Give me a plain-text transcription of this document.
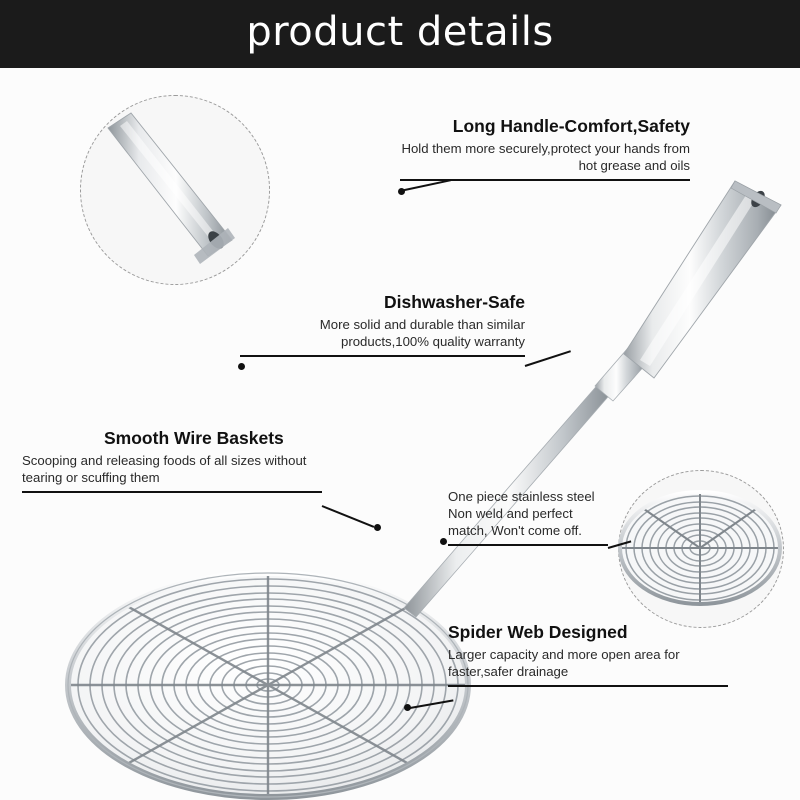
product details
Long Handle-Comfort,Safety
Hold them more securely,protect your hands from hot grease and oils
Dishwasher-Safe
More solid and durable than similar products,100% quality warranty
Smooth Wire Baskets
Scooping and releasing foods of all sizes without tearing or scuffing them
One piece stainless steel Non weld and perfect match, Won't come off.
Spider Web Designed
Larger capacity and more open area for faster,safer drainage
